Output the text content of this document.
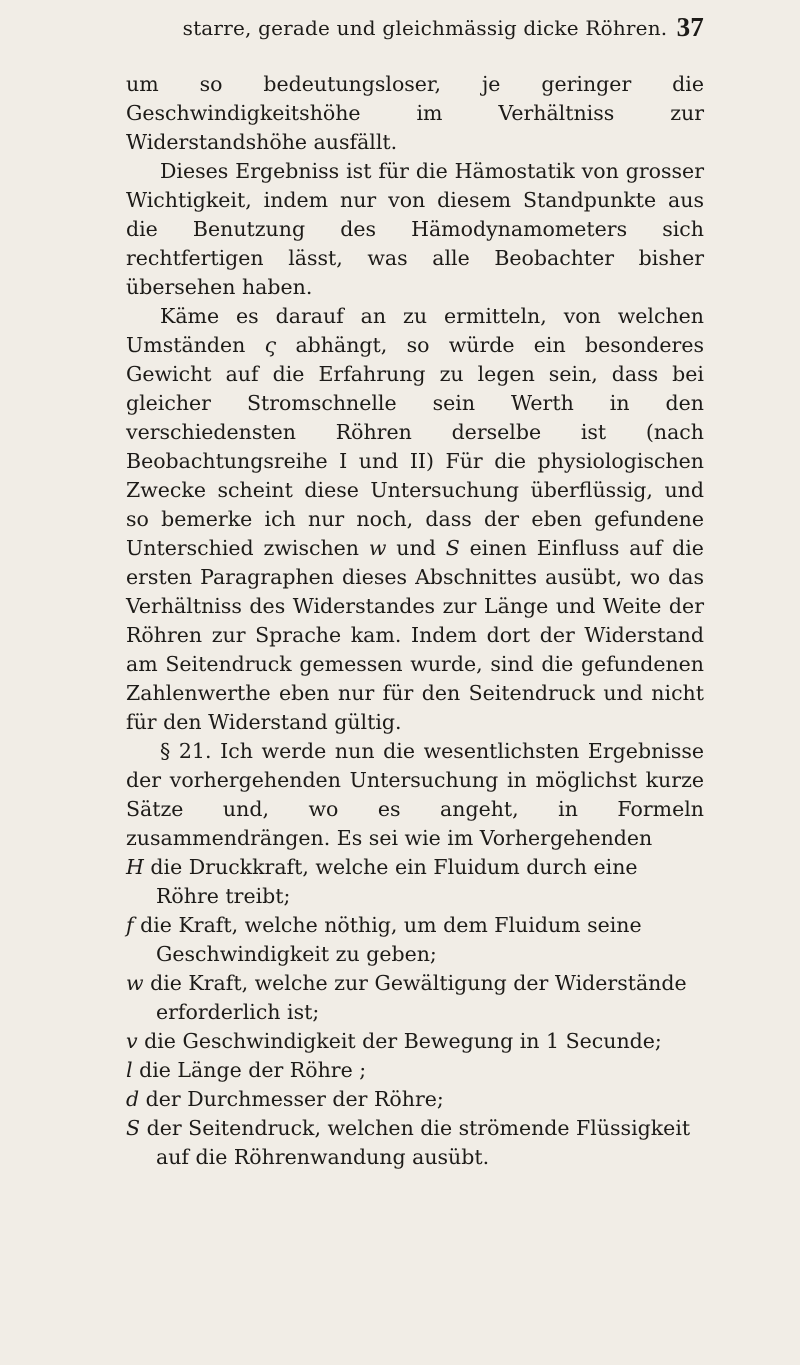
starre, gerade und gleichmässig dicke Röhren. 37

um so bedeutungsloser, je geringer die Geschwindigkeitshöhe im Verhältniss zur Widerstandshöhe ausfällt.

Dieses Ergebniss ist für die Hämostatik von grosser Wichtigkeit, indem nur von diesem Standpunkte aus die Benutzung des Hämodynamometers sich rechtfertigen lässt, was alle Beobachter bisher übersehen haben.

Käme es darauf an zu ermitteln, von welchen Umständen ς abhängt, so würde ein besonderes Gewicht auf die Erfahrung zu legen sein, dass bei gleicher Stromschnelle sein Werth in den verschiedensten Röhren derselbe ist (nach Beobachtungsreihe I und II) Für die physiologischen Zwecke scheint diese Untersuchung überflüssig, und so bemerke ich nur noch, dass der eben gefundene Unterschied zwischen w und S einen Einfluss auf die ersten Paragraphen dieses Abschnittes ausübt, wo das Verhältniss des Widerstandes zur Länge und Weite der Röhren zur Sprache kam. Indem dort der Widerstand am Seitendruck gemessen wurde, sind die gefundenen Zahlenwerthe eben nur für den Seitendruck und nicht für den Widerstand gültig.

§ 21. Ich werde nun die wesentlichsten Ergebnisse der vorhergehenden Untersuchung in möglichst kurze Sätze und, wo es angeht, in Formeln zusammendrängen. Es sei wie im Vorhergehenden

H die Druckkraft, welche ein Fluidum durch eine Röhre treibt;

f die Kraft, welche nöthig, um dem Fluidum seine Geschwindigkeit zu geben;

w die Kraft, welche zur Gewältigung der Widerstände erforderlich ist;

v die Geschwindigkeit der Bewegung in 1 Secunde;

l die Länge der Röhre ;

d der Durchmesser der Röhre;

S der Seitendruck, welchen die strömende Flüssigkeit auf die Röhrenwandung ausübt.
